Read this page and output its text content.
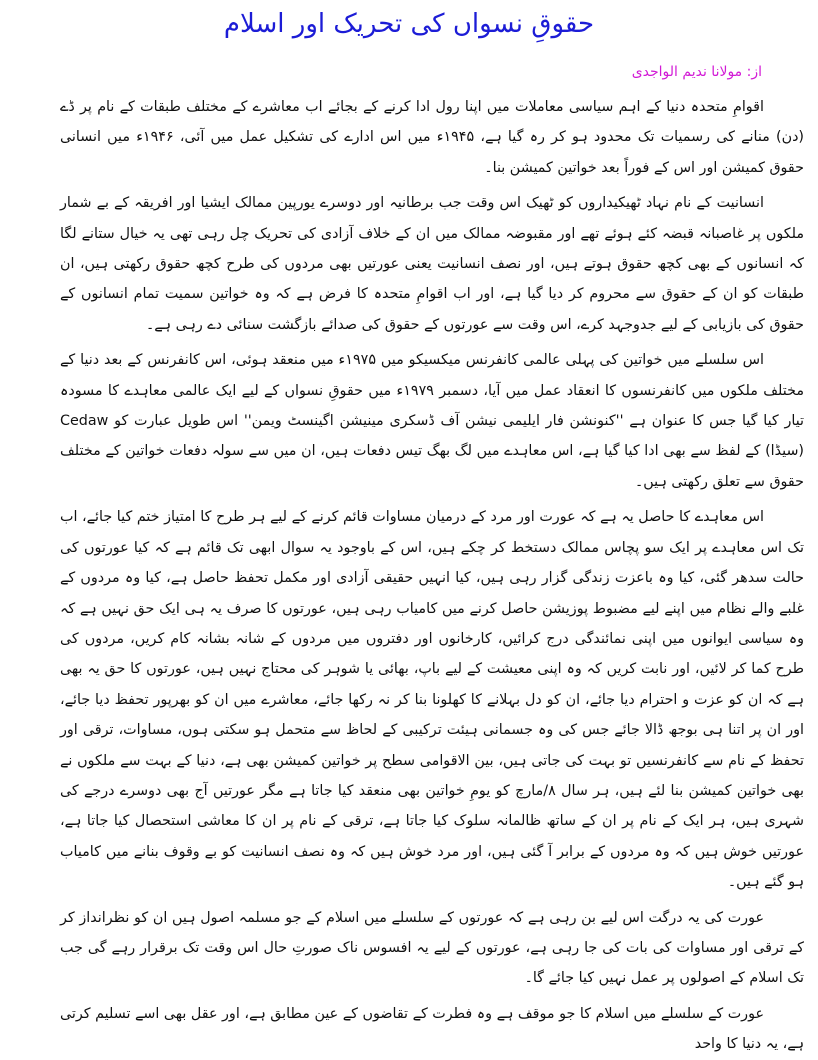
حقوقِ نسواں کی تحریک اور اسلام
از: مولانا ندیم الواجدی

اقوامِ متحدہ دنیا کے اہم سیاسی معاملات میں اپنا رول ادا کرنے کے بجائے اب معاشرے کے مختلف طبقات کے نام پر ڈے (دن) منانے کی رسمیات تک محدود ہو کر رہ گیا ہے، ۱۹۴۵ء میں اس ادارے کی تشکیل عمل میں آئی، ۱۹۴۶ء میں انسانی حقوق کمیشن اور اس کے فوراً بعد خواتین کمیشن بنا۔

انسانیت کے نام نہاد ٹھیکیداروں کو ٹھیک اس وقت جب برطانیہ اور دوسرے یورپین ممالک ایشیا اور افریقہ کے بے شمار ملکوں پر غاصبانہ قبضہ کئے ہوئے تھے اور مقبوضہ ممالک میں ان کے خلاف آزادی کی تحریک چل رہی تھی یہ خیال ستانے لگا کہ انسانوں کے بھی کچھ حقوق ہوتے ہیں، اور نصف انسانیت یعنی عورتیں بھی مردوں کی طرح کچھ حقوق رکھتی ہیں، ان طبقات کو ان کے حقوق سے محروم کر دیا گیا ہے، اور اب اقوامِ متحدہ کا فرض ہے کہ وہ خواتین سمیت تمام انسانوں کے حقوق کی بازیابی کے لیے جدوجہد کرے، اس وقت سے عورتوں کے حقوق کی صدائے بازگشت سنائی دے رہی ہے۔

اس سلسلے میں خواتین کی پہلی عالمی کانفرنس میکسیکو میں ۱۹۷۵ء میں منعقد ہوئی، اس کانفرنس کے بعد دنیا کے مختلف ملکوں میں کانفرنسوں کا انعقاد عمل میں آیا، دسمبر ۱۹۷۹ء میں حقوقِ نسواں کے لیے ایک عالمی معاہدے کا مسودہ تیار کیا گیا جس کا عنوان ہے ''کنونشن فار ایلیمی نیشن آف ڈسکری مینیشن اگینسٹ ویمن'' اس طویل عبارت کو Cedaw (سیڈا) کے لفظ سے بھی ادا کیا گیا ہے، اس معاہدے میں لگ بھگ تیس دفعات ہیں، ان میں سے سولہ دفعات خواتین کے مختلف حقوق سے تعلق رکھتی ہیں۔

اس معاہدے کا حاصل یہ ہے کہ عورت اور مرد کے درمیان مساوات قائم کرنے کے لیے ہر طرح کا امتیاز ختم کیا جائے، اب تک اس معاہدے پر ایک سو پچاس ممالک دستخط کر چکے ہیں، اس کے باوجود یہ سوال ابھی تک قائم ہے کہ کیا عورتوں کی حالت سدھر گئی، کیا وہ باعزت زندگی گزار رہی ہیں، کیا انہیں حقیقی آزادی اور مکمل تحفظ حاصل ہے، کیا وہ مردوں کے غلبے والے نظام میں اپنے لیے مضبوط پوزیشن حاصل کرنے میں کامیاب رہی ہیں، عورتوں کا صرف یہ ہی ایک حق نہیں ہے کہ وہ سیاسی ایوانوں میں اپنی نمائندگی درج کرائیں، کارخانوں اور دفتروں میں مردوں کے شانہ بشانہ کام کریں، مردوں کی طرح کما کر لائیں، اور نابت کریں کہ وہ اپنی معیشت کے لیے باپ، بھائی یا شوہر کی محتاج نہیں ہیں، عورتوں کا حق یہ بھی ہے کہ ان کو عزت و احترام دیا جائے، ان کو دل بہلانے کا کھلونا بنا کر نہ رکھا جائے، معاشرے میں ان کو بھرپور تحفظ دیا جائے، اور ان پر اتنا ہی بوجھ ڈالا جائے جس کی وہ جسمانی ہیئت ترکیبی کے لحاظ سے متحمل ہو سکتی ہوں، مساوات، ترقی اور تحفظ کے نام سے کانفرنسیں تو بہت کی جاتی ہیں، بین الاقوامی سطح پر خواتین کمیشن بھی ہے، دنیا کے بہت سے ملکوں نے بھی خواتین کمیشن بنا لئے ہیں، ہر سال ۸/مارچ کو یومِ خواتین بھی منعقد کیا جاتا ہے مگر عورتیں آج بھی دوسرے درجے کی شہری ہیں، ہر ایک کے نام پر ان کے ساتھ ظالمانہ سلوک کیا جاتا ہے، ترقی کے نام پر ان کا معاشی استحصال کیا جاتا ہے، عورتیں خوش ہیں کہ وہ مردوں کے برابر آ گئی ہیں، اور مرد خوش ہیں کہ وہ نصف انسانیت کو بے وقوف بنانے میں کامیاب ہو گئے ہیں۔

عورت کی یہ درگت اس لیے بن رہی ہے کہ عورتوں کے سلسلے میں اسلام کے جو مسلمہ اصول ہیں ان کو نظرانداز کر کے ترقی اور مساوات کی بات کی جا رہی ہے، عورتوں کے لیے یہ افسوس ناک صورتِ حال اس وقت تک برقرار رہے گی جب تک اسلام کے اصولوں پر عمل نہیں کیا جائے گا۔

عورت کے سلسلے میں اسلام کا جو موقف ہے وہ فطرت کے تقاضوں کے عین مطابق ہے، اور عقل بھی اسے تسلیم کرتی ہے، یہ دنیا کا واحد
